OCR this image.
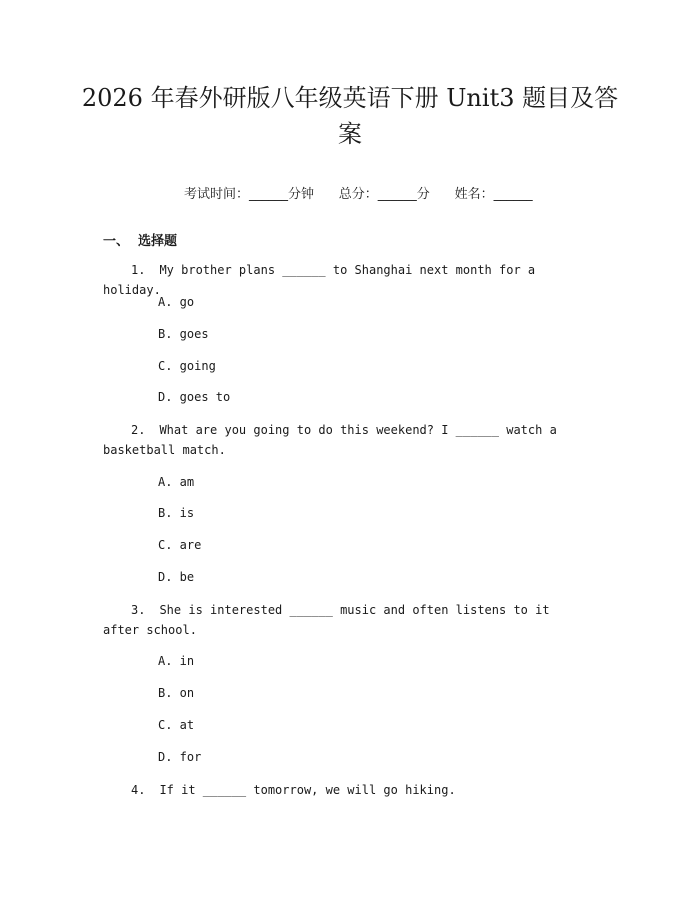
2026 年春外研版八年级英语下册 Unit3 题目及答案

考试时间：______分钟 总分：______分 姓名：______

一、  选择题
1. My brother plans ______ to Shanghai next month for a holiday.
A. go
B. goes
C. going
D. goes to
2. What are you going to do this weekend? I ______ watch a basketball match.
A. am
B. is
C. are
D. be
3. She is interested ______ music and often listens to it after school.
A. in
B. on
C. at
D. for
4. If it ______ tomorrow, we will go hiking.
